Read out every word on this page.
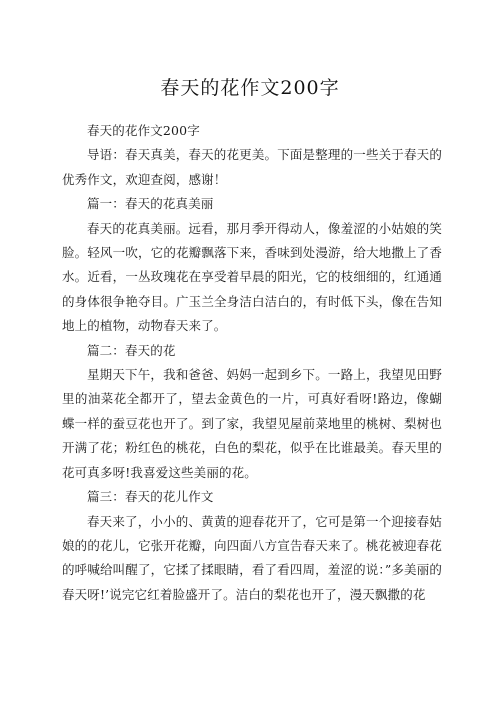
春天的花作文200字

春天的花作文200字

导语：春天真美，春天的花更美。下面是整理的一些关于春天的优秀作文，欢迎查阅，感谢！

篇一：春天的花真美丽

春天的花真美丽。远看，那月季开得动人，像羞涩的小姑娘的笑脸。轻风一吹，它的花瓣飘落下来，香味到处漫游，给大地撒上了香水。近看，一丛玫瑰花在享受着早晨的阳光，它的枝细细的，红通通的身体很争艳夺目。广玉兰全身洁白洁白的，有时低下头，像在告知地上的植物，动物春天来了。

篇二：春天的花

星期天下午，我和爸爸、妈妈一起到乡下。一路上，我望见田野里的油菜花全都开了，望去金黄色的一片，可真好看呀!路边，像蝴蝶一样的蚕豆花也开了。到了家，我望见屋前菜地里的桃树、梨树也开满了花；粉红色的桃花，白色的梨花，似乎在比谁最美。春天里的花可真多呀!我喜爱这些美丽的花。

篇三：春天的花儿作文

春天来了，小小的、黄黄的迎春花开了，它可是第一个迎接春姑娘的的花儿，它张开花瓣，向四面八方宣告春天来了。桃花被迎春花的呼喊给叫醒了，它揉了揉眼睛，看了看四周，羞涩的说：”多美丽的春天呀!’说完它红着脸盛开了。洁白的梨花也开了，漫天飘撒的花
